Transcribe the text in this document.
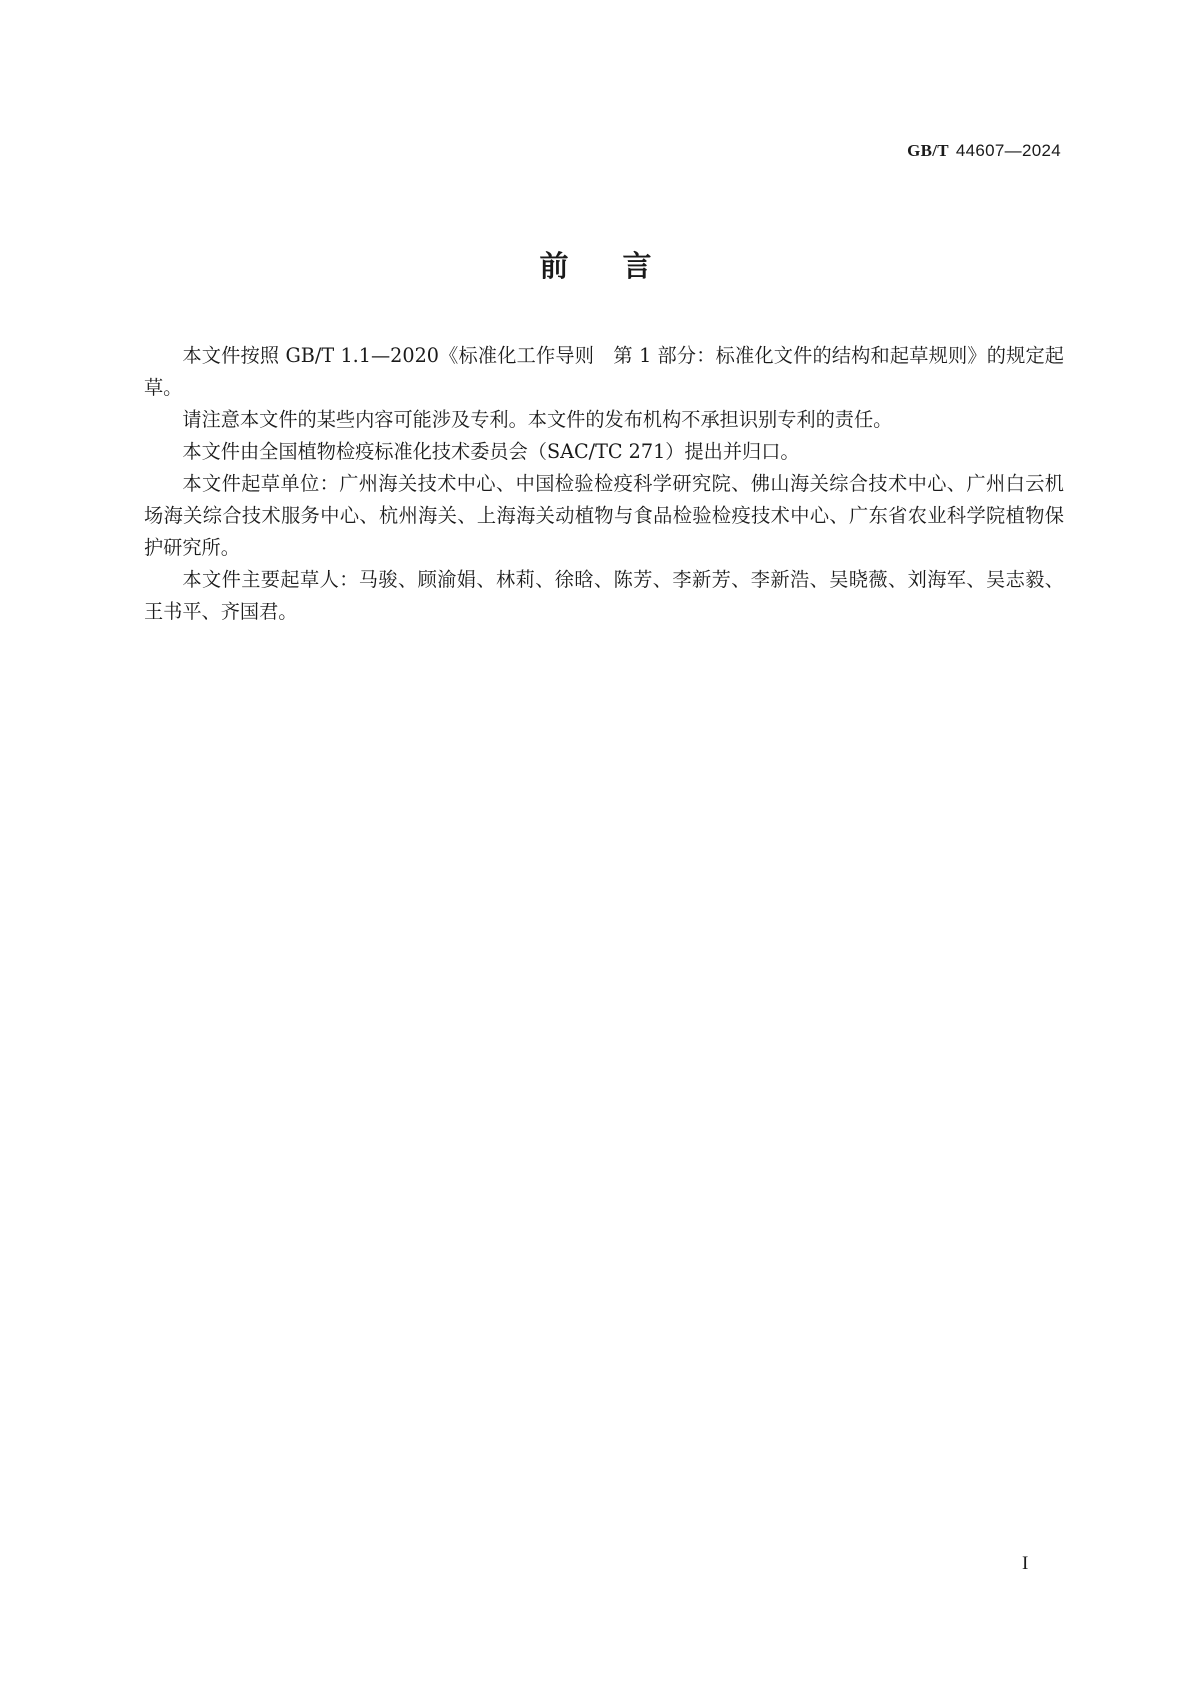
GB/T 44607—2024
前言

本文件按照 GB/T 1.1—2020《标准化工作导则　第 1 部分：标准化文件的结构和起草规则》的规定起草。

请注意本文件的某些内容可能涉及专利。本文件的发布机构不承担识别专利的责任。

本文件由全国植物检疫标准化技术委员会（SAC/TC 271）提出并归口。

本文件起草单位：广州海关技术中心、中国检验检疫科学研究院、佛山海关综合技术中心、广州白云机场海关综合技术服务中心、杭州海关、上海海关动植物与食品检验检疫技术中心、广东省农业科学院植物保护研究所。

本文件主要起草人：马骏、顾渝娟、林莉、徐晗、陈芳、李新芳、李新浩、吴晓薇、刘海军、吴志毅、王书平、齐国君。

I
